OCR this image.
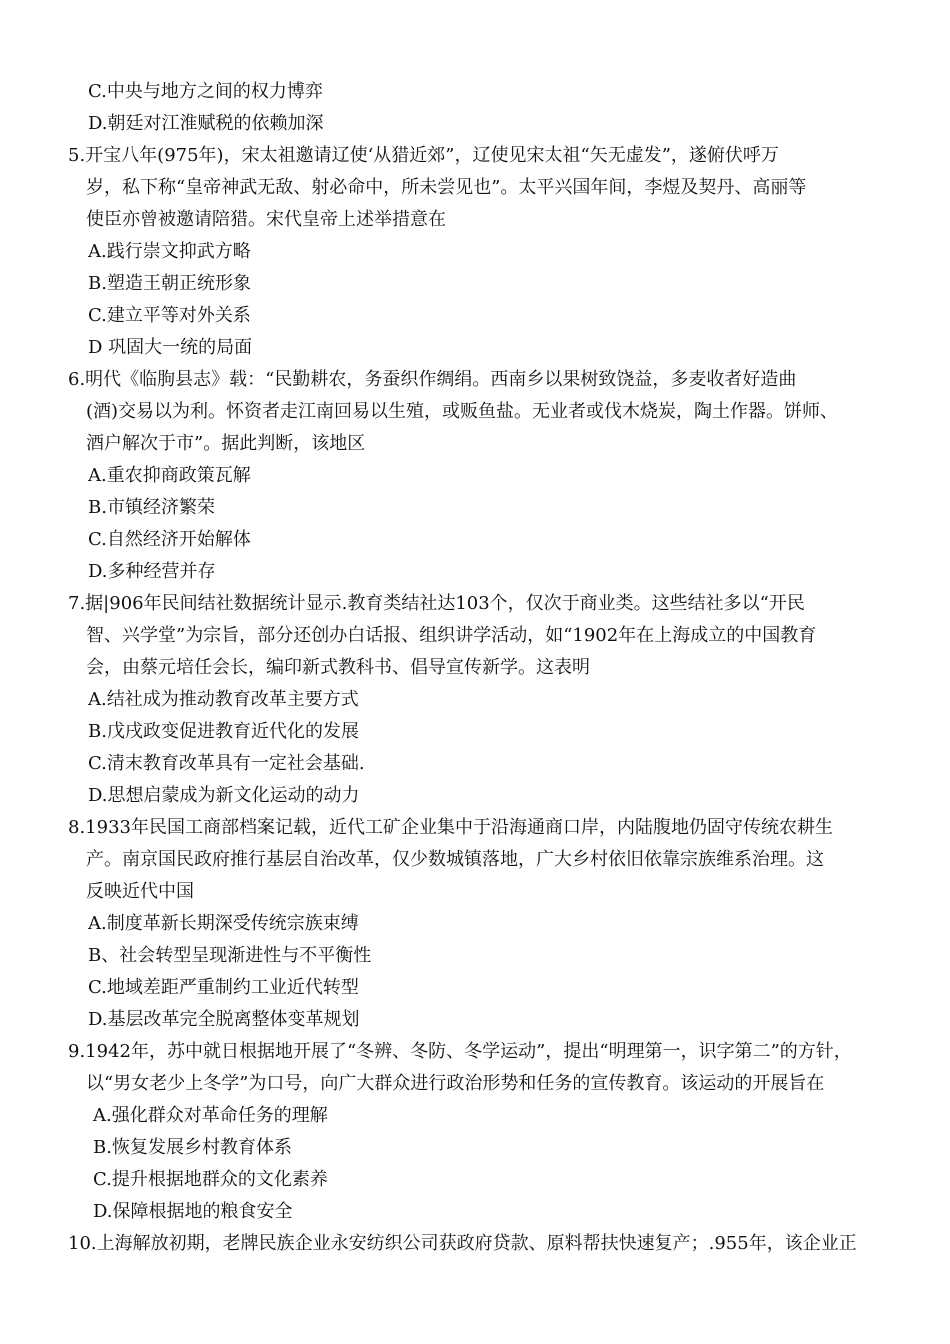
C.中央与地方之间的权力博弈
D.朝廷对江淮赋税的依赖加深
5.开宝八年(975年)，宋太祖邀请辽使‘从猎近郊”，辽使见宋太祖“矢无虚发”，遂俯伏呼万
岁，私下称“皇帝神武无敌、射必命中，所未尝见也”。太平兴国年间，李煜及契丹、高丽等
使臣亦曾被邀请陪猎。宋代皇帝上述举措意在
A.践行崇文抑武方略
B.塑造王朝正统形象
C.建立平等对外关系
D 巩固大一统的局面
6.明代《临朐县志》载：“民勤耕农，务蚕织作绸绢。西南乡以果树致饶益，多麦收者好造曲
(酒)交易以为利。怀资者走江南回易以生殖，或贩鱼盐。无业者或伐木烧炭，陶土作器。饼师、
酒户解次于市”。据此判断，该地区
A.重农抑商政策瓦解
B.市镇经济繁荣
C.自然经济开始解体
D.多种经营并存
7.据|906年民间结社数据统计显示.教育类结社达103个，仅次于商业类。这些结社多以“开民
智、兴学堂”为宗旨，部分还创办白话报、组织讲学活动，如“1902年在上海成立的中国教育
会，由蔡元培任会长，编印新式教科书、倡导宣传新学。这表明
A.结社成为推动教育改革主要方式
B.戊戌政变促进教育近代化的发展
C.清末教育改革具有一定社会基础.
D.思想启蒙成为新文化运动的动力
8.1933年民国工商部档案记载，近代工矿企业集中于沿海通商口岸，内陆腹地仍固守传统农耕生
产。南京国民政府推行基层自治改革，仅少数城镇落地，广大乡村依旧依靠宗族维系治理。这
反映近代中国
A.制度革新长期深受传统宗族束缚
B、社会转型呈现渐进性与不平衡性
C.地域差距严重制约工业近代转型
D.基层改革完全脱离整体变革规划
9.1942年，苏中就日根据地开展了“冬辨、冬防、冬学运动”，提出“明理第一，识字第二”的方针，
以“男女老少上冬学”为口号，向广大群众进行政治形势和任务的宣传教育。该运动的开展旨在
A.强化群众对革命任务的理解
B.恢复发展乡村教育体系
C.提升根据地群众的文化素养
D.保障根据地的粮食安全
10.上海解放初期，老牌民族企业永安纺织公司获政府贷款、原料帮扶快速复产；.955年，该企业正
